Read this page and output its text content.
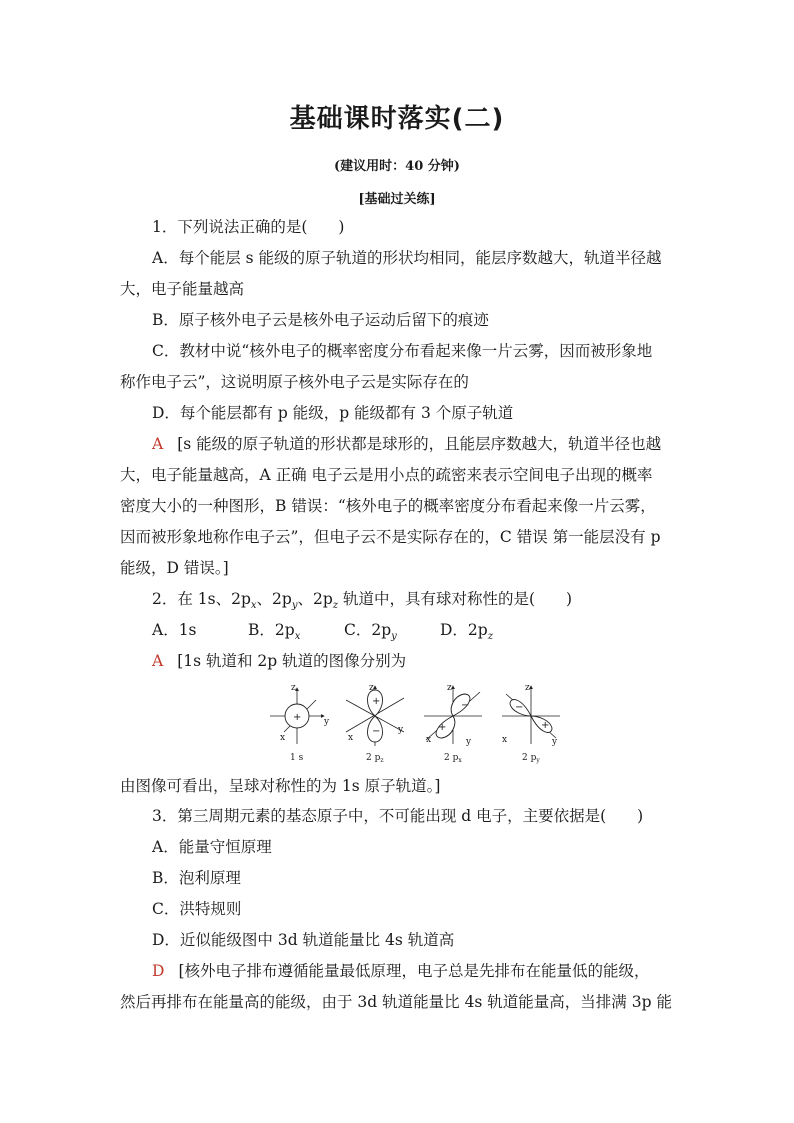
基础课时落实(二)
(建议用时：40 分钟)
[基础过关练]
1．下列说法正确的是(　　)
A．每个能层 s 能级的原子轨道的形状均相同，能层序数越大，轨道半径越
大，电子能量越高
B．原子核外电子云是核外电子运动后留下的痕迹
C．教材中说“核外电子的概率密度分布看起来像一片云雾，因而被形象地
称作电子云”，这说明原子核外电子云是实际存在的
D．每个能层都有 p 能级，p 能级都有 3 个原子轨道
A [s 能级的原子轨道的形状都是球形的，且能层序数越大，轨道半径也越
大，电子能量越高，A 正确 电子云是用小点的疏密来表示空间电子出现的概率
密度大小的一种图形，B 错误：“核外电子的概率密度分布看起来像一片云雾，
因而被形象地称作电子云”，但电子云不是实际存在的，C 错误 第一能层没有 p
能级，D 错误。]
2．在 1s、$2p_x$、$2p_y$、$2p_z$ 轨道中，具有球对称性的是(　　)
A．1s	B．$2p_x$	C．$2p_y$	D．$2p_z$
A [1s 轨道和 2p 轨道的图像分别为
+
z
y
x
1 s
+
−
z
y
x
2 $p_z$
+
−
z
y
x
2 $p_x$
−
+
z
y
x
2 $p_y$
由图像可看出，呈球对称性的为 1s 原子轨道。]
3．第三周期元素的基态原子中，不可能出现 d 电子，主要依据是(　　)
A．能量守恒原理
B．泡利原理
C．洪特规则
D．近似能级图中 3d 轨道能量比 4s 轨道高
D [核外电子排布遵循能量最低原理，电子总是先排布在能量低的能级，
然后再排布在能量高的能级，由于 3d 轨道能量比 4s 轨道能量高，当排满 3p 能
